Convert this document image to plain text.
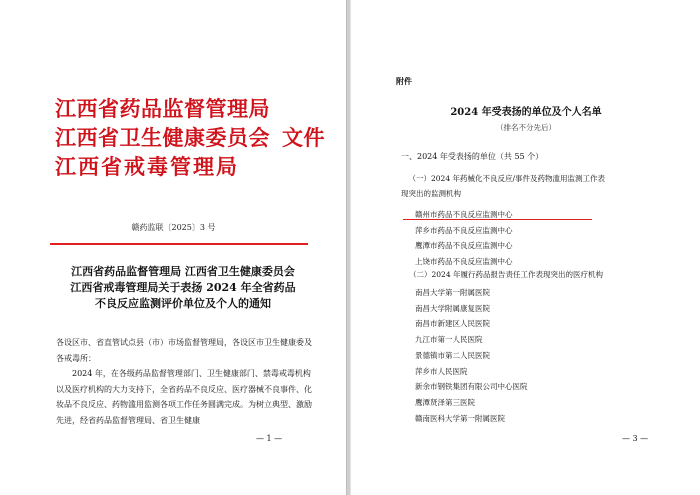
江西省药品监督管理局
江西省卫生健康委员会 文件
江西省戒毒管理局
赣药监联〔2025〕3 号
江西省药品监督管理局 江西省卫生健康委员会
江西省戒毒管理局关于表扬 2024 年全省药品
不良反应监测评价单位及个人的通知

各设区市、省直管试点县（市）市场监督管理局，各设区市卫生健康委及各戒毒所：

2024 年，在各级药品监督管理部门、卫生健康部门、禁毒戒毒机构以及医疗机构的大力支持下，全省药品不良反应、医疗器械不良事件、化妆品不良反应、药物滥用监测各项工作任务圆满完成。为树立典型、激励先进，经省药品监督管理局、省卫生健康

— 1 —
附件
2024 年受表扬的单位及个人名单
（排名不分先后）
一、2024 年受表扬的单位（共 55 个）
（一）2024 年药械化不良反应/事件及药物滥用监测工作表
现突出的监测机构
赣州市药品不良反应监测中心
萍乡市药品不良反应监测中心
鹰潭市药品不良反应监测中心
上饶市药品不良反应监测中心
（二）2024 年履行药品报告责任工作表现突出的医疗机构
南昌大学第一附属医院
南昌大学附属康复医院
南昌市新建区人民医院
九江市第一人民医院
景德镇市第二人民医院
萍乡市人民医院
新余市钢铁集团有限公司中心医院
鹰潭贤泽第三医院
赣南医科大学第一附属医院
— 3 —
